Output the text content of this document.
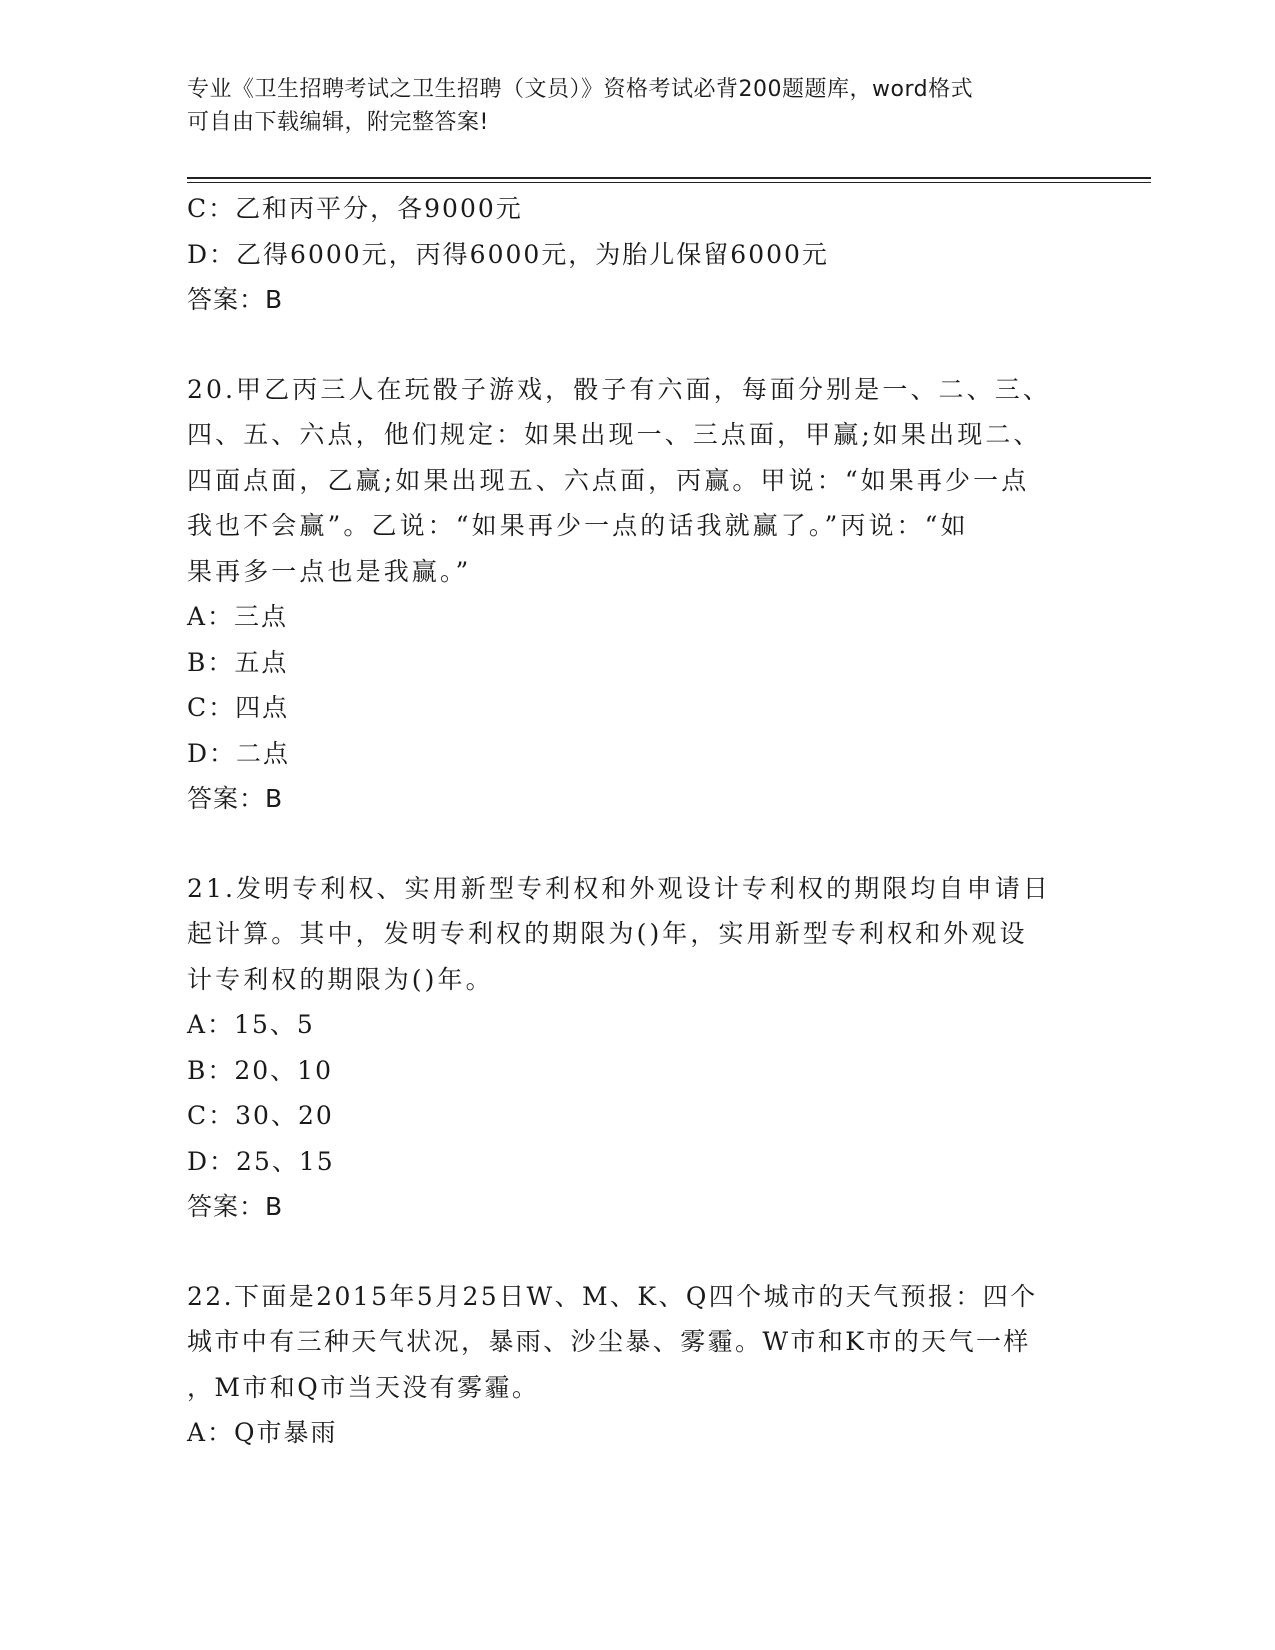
专业《卫生招聘考试之卫生招聘（文员）》资格考试必背200题题库，word格式
可自由下载编辑，附完整答案!
C：乙和丙平分，各9000元
D：乙得6000元，丙得6000元，为胎儿保留6000元
答案：B
20.甲乙丙三人在玩骰子游戏，骰子有六面，每面分别是一、二、三、
四、五、六点，他们规定：如果出现一、三点面，甲赢;如果出现二、
四面点面，乙赢;如果出现五、六点面，丙赢。甲说：“如果再少一点
我也不会赢”。乙说：“如果再少一点的话我就赢了。”丙说：“如
果再多一点也是我赢。”
A：三点
B：五点
C：四点
D：二点
答案：B
21.发明专利权、实用新型专利权和外观设计专利权的期限均自申请日
起计算。其中，发明专利权的期限为()年，实用新型专利权和外观设
计专利权的期限为()年。
A：15、5
B：20、10
C：30、20
D：25、15
答案：B
22.下面是2015年5月25日W、M、K、Q四个城市的天气预报：四个
城市中有三种天气状况，暴雨、沙尘暴、雾霾。W市和K市的天气一样
，M市和Q市当天没有雾霾。
A：Q市暴雨
